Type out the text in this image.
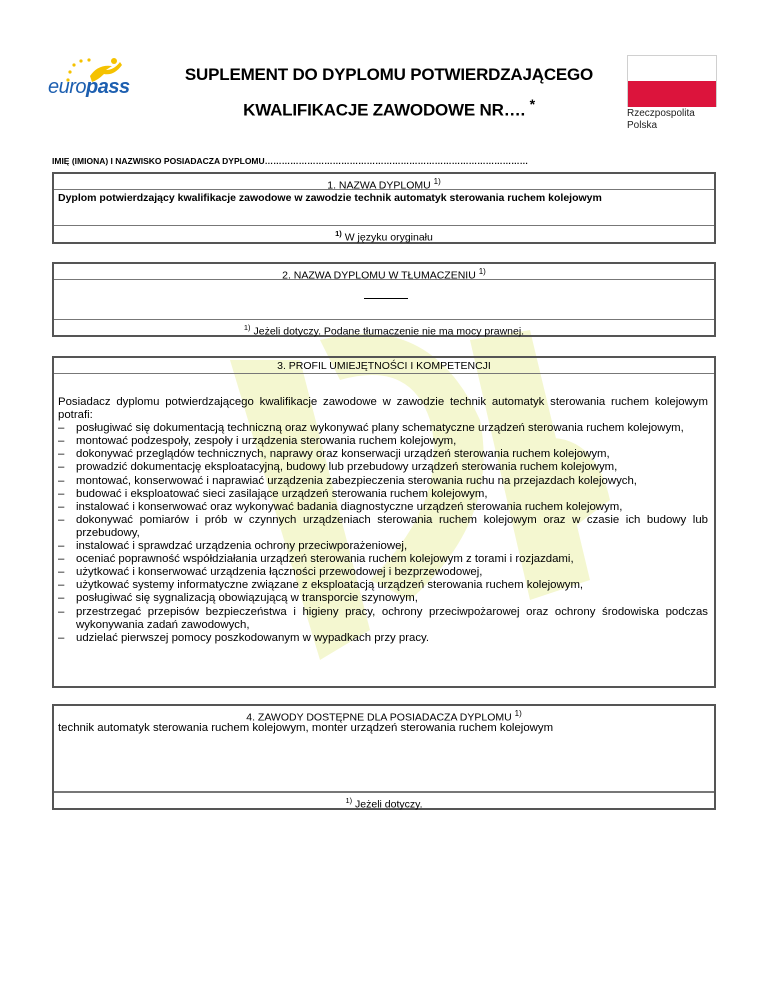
europass
SUPLEMENT DO DYPLOMU POTWIERDZAJĄCEGO
KWALIFIKACJE ZAWODOWE NR…. *
Rzeczpospolita
Polska
IMIĘ (IMIONA) I NAZWISKO POSIADACZA DYPLOMU…………………………………………………………………………………
1. NAZWA DYPLOMU $^{1)}$
Dyplom potwierdzający kwalifikacje zawodowe w zawodzie technik automatyk sterowania ruchem kolejowym
$^{1)}$ W języku oryginału
2. NAZWA DYPLOMU W TŁUMACZENIU $^{1)}$
$^{1)}$ Jeżeli dotyczy. Podane tłumaczenie nie ma mocy prawnej.
3. PROFIL UMIEJĘTNOŚCI I KOMPETENCJI

Posiadacz dyplomu potwierdzającego kwalifikacje zawodowe w zawodzie technik automatyk sterowania ruchem kolejowym potrafi:

– posługiwać się dokumentacją techniczną oraz wykonywać plany schematyczne urządzeń sterowania ruchem kolejowym,
– montować podzespoły, zespoły i urządzenia sterowania ruchem kolejowym,
– dokonywać przeglądów technicznych, naprawy oraz konserwacji urządzeń sterowania ruchem kolejowym,
– prowadzić dokumentację eksploatacyjną, budowy lub przebudowy urządzeń sterowania ruchem kolejowym,
– montować, konserwować i naprawiać urządzenia zabezpieczenia sterowania ruchu na przejazdach kolejowych,
– budować i eksploatować sieci zasilające urządzeń sterowania ruchem kolejowym,
– instalować i konserwować oraz wykonywać badania diagnostyczne urządzeń sterowania ruchem kolejowym,
– dokonywać pomiarów i prób w czynnych urządzeniach sterowania ruchem kolejowym oraz w czasie ich budowy lub przebudowy,
– instalować i sprawdzać urządzenia ochrony przeciwporażeniowej,
– oceniać poprawność współdziałania urządzeń sterowania ruchem kolejowym z torami i rozjazdami,
– użytkować i konserwować urządzenia łączności przewodowej i bezprzewodowej,
– użytkować systemy informatyczne związane z eksploatacją urządzeń sterowania ruchem kolejowym,
– posługiwać się sygnalizacją obowiązującą w transporcie szynowym,
– przestrzegać przepisów bezpieczeństwa i higieny pracy, ochrony przeciwpożarowej oraz ochrony środowiska podczas wykonywania zadań zawodowych,
– udzielać pierwszej pomocy poszkodowanym w wypadkach przy pracy.
4. ZAWODY DOSTĘPNE DLA POSIADACZA DYPLOMU $^{1)}$
technik automatyk sterowania ruchem kolejowym, monter urządzeń sterowania ruchem kolejowym
$^{1)}$ Jeżeli dotyczy.
